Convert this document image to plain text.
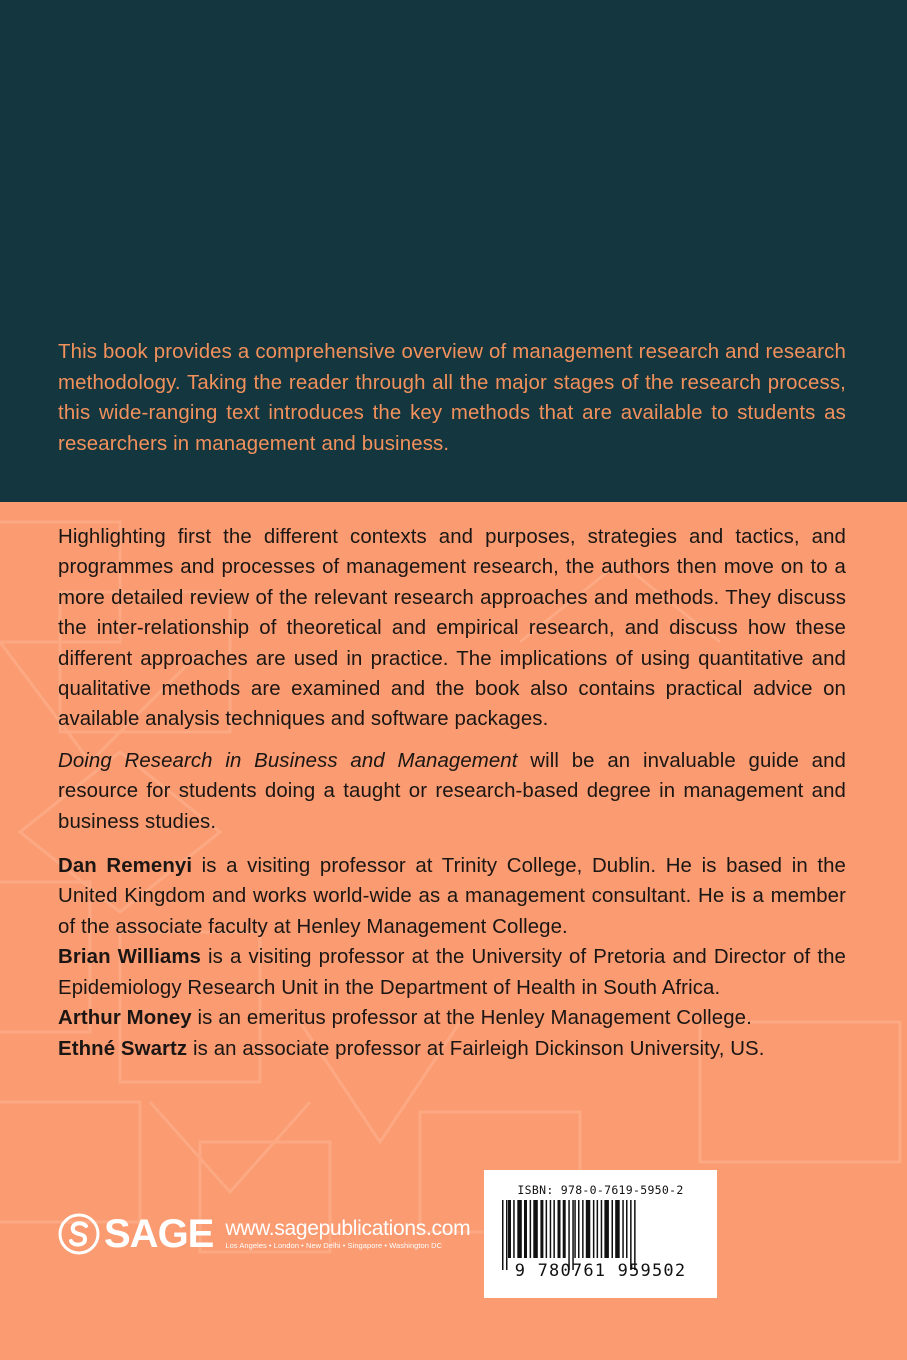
This book provides a comprehensive overview of management research and research methodology. Taking the reader through all the major stages of the research process, this wide-ranging text introduces the key methods that are available to students as researchers in management and business.

Highlighting first the different contexts and purposes, strategies and tactics, and programmes and processes of management research, the authors then move on to a more detailed review of the relevant research approaches and methods. They discuss the inter-relationship of theoretical and empirical research, and discuss how these different approaches are used in practice. The implications of using quantitative and qualitative methods are examined and the book also contains practical advice on available analysis techniques and software packages.

Doing Research in Business and Management will be an invaluable guide and resource for students doing a taught or research-based degree in management and business studies.

Dan Remenyi is a visiting professor at Trinity College, Dublin. He is based in the United Kingdom and works world-wide as a management consultant. He is a member of the associate faculty at Henley Management College.
Brian Williams is a visiting professor at the University of Pretoria and Director of the Epidemiology Research Unit in the Department of Health in South Africa.
Arthur Money is an emeritus professor at the Henley Management College.
Ethné Swartz is an associate professor at Fairleigh Dickinson University, US.
SAGE www.sagepublications.com
Los Angeles • London • New Delhi • Singapore • Washington DC
ISBN: 978-0-7619-5950-2
9 780761 959502
